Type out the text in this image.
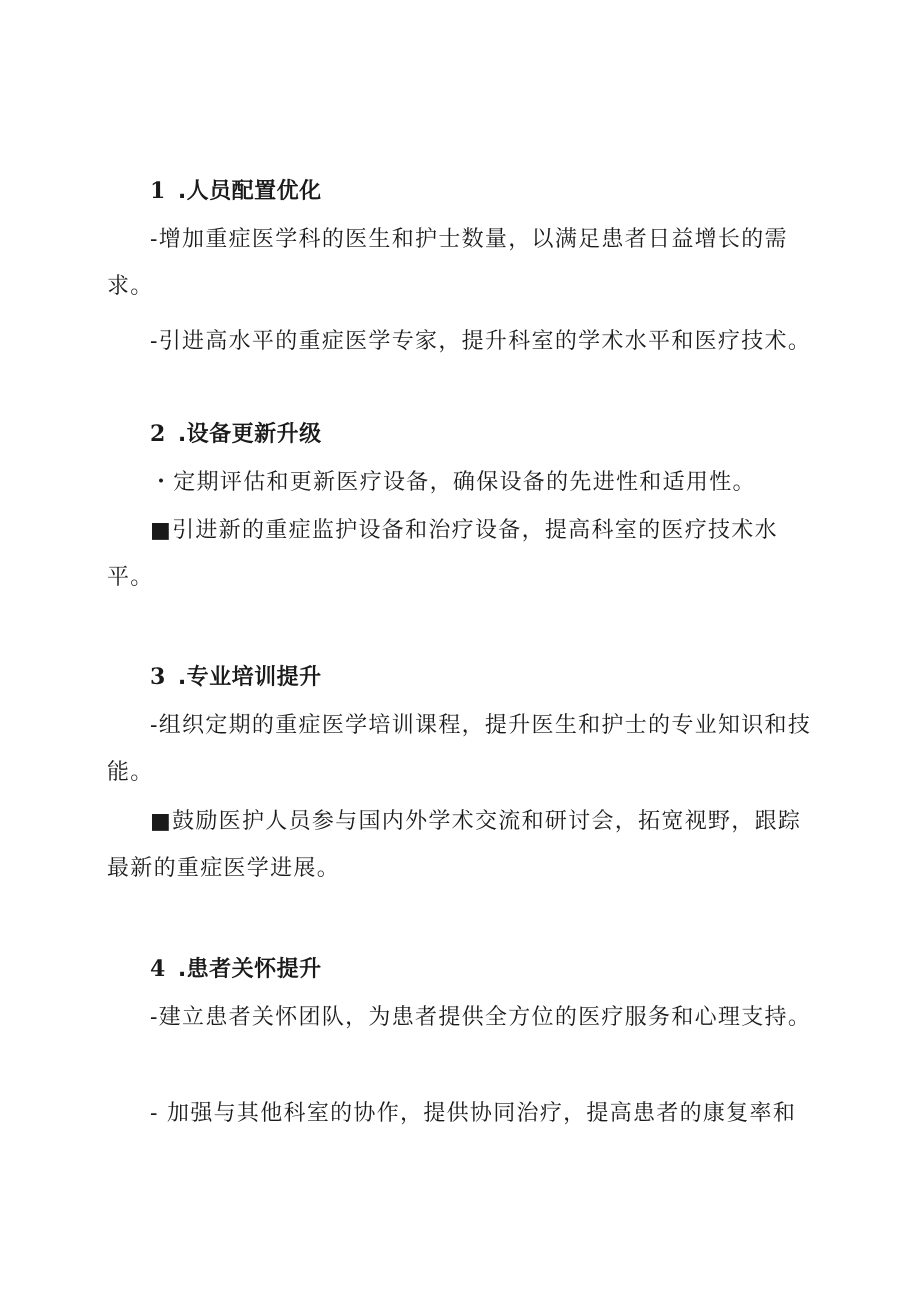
1 .人员配置优化

-增加重症医学科的医生和护士数量，以满足患者日益增长的需求。

-引进高水平的重症医学专家，提升科室的学术水平和医疗技术。

2 .设备更新升级

・定期评估和更新医疗设备，确保设备的先进性和适用性。

■引进新的重症监护设备和治疗设备，提高科室的医疗技术水平。

3 .专业培训提升

-组织定期的重症医学培训课程，提升医生和护士的专业知识和技能。

■鼓励医护人员参与国内外学术交流和研讨会，拓宽视野，跟踪最新的重症医学进展。

4 .患者关怀提升

-建立患者关怀团队，为患者提供全方位的医疗服务和心理支持。

- 加强与其他科室的协作，提供协同治疗，提高患者的康复率和
